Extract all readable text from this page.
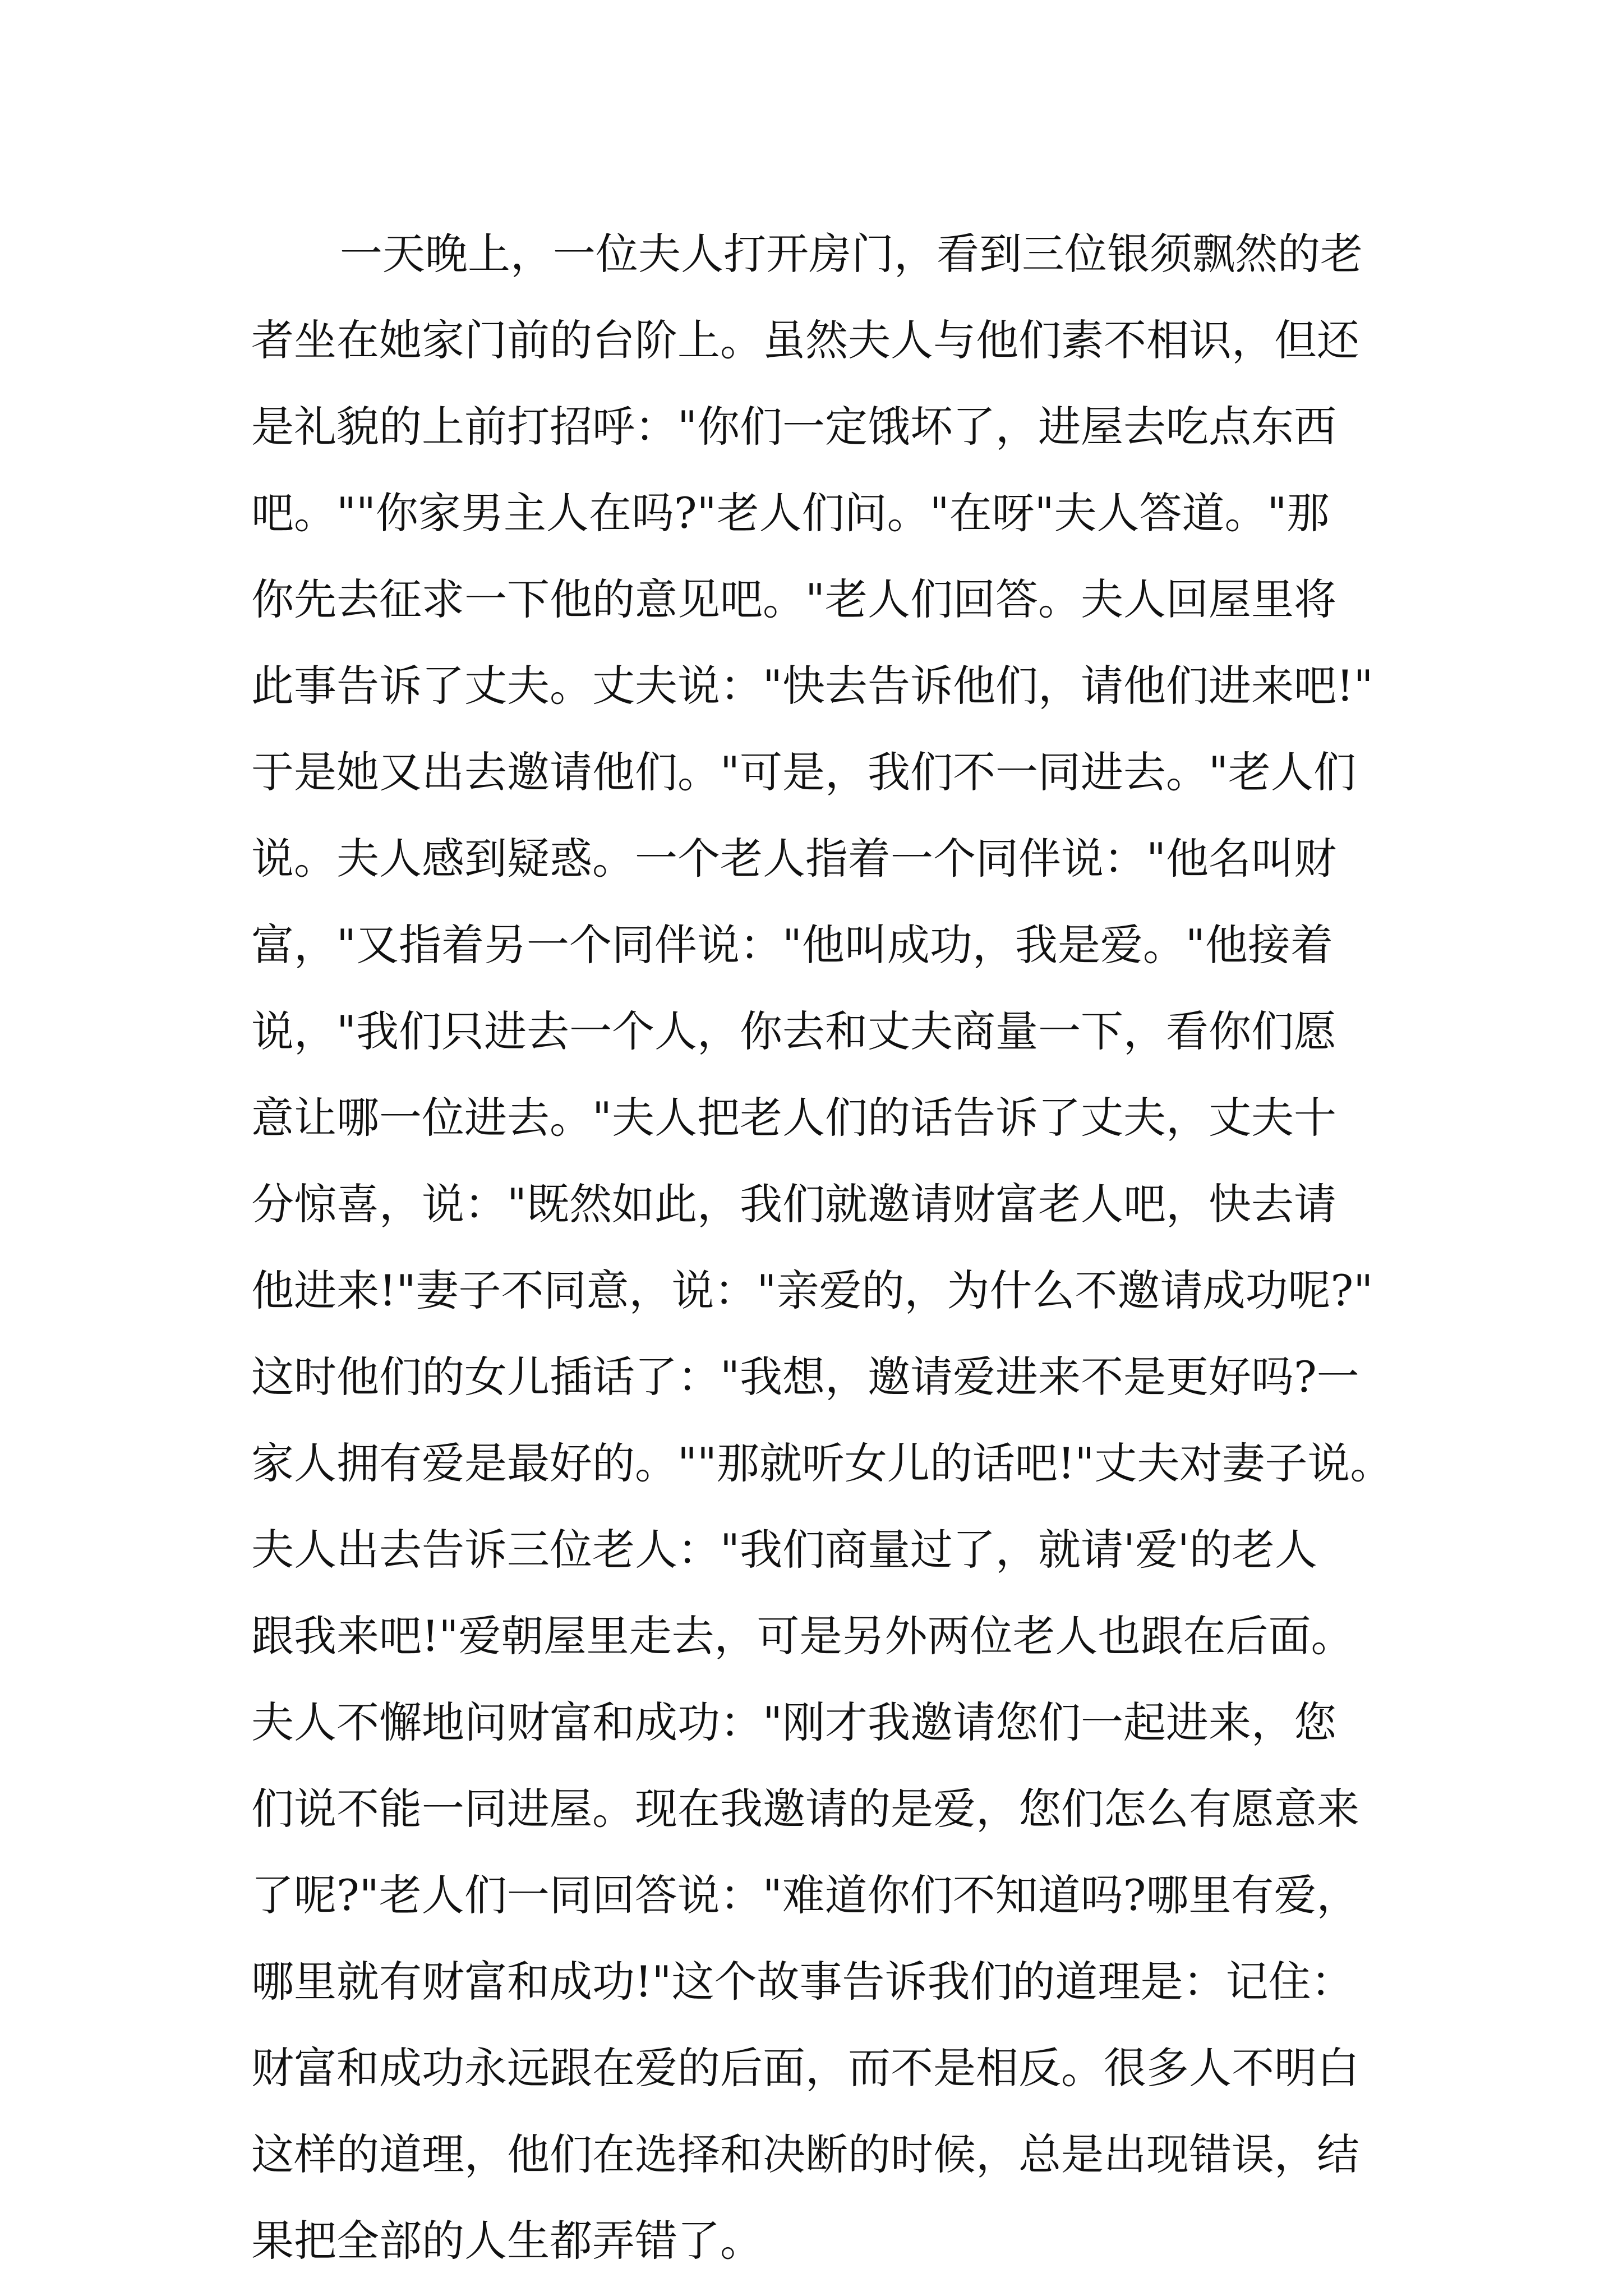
一天晚上，一位夫人打开房门，看到三位银须飘然的老
者坐在她家门前的台阶上。虽然夫人与他们素不相识，但还
是礼貌的上前打招呼："你们一定饿坏了，进屋去吃点东西
吧。""你家男主人在吗?"老人们问。"在呀"夫人答道。"那
你先去征求一下他的意见吧。"老人们回答。夫人回屋里将
此事告诉了丈夫。丈夫说："快去告诉他们，请他们进来吧!"
于是她又出去邀请他们。"可是，我们不一同进去。"老人们
说。夫人感到疑惑。一个老人指着一个同伴说："他名叫财
富，"又指着另一个同伴说："他叫成功，我是爱。"他接着
说，"我们只进去一个人，你去和丈夫商量一下，看你们愿
意让哪一位进去。"夫人把老人们的话告诉了丈夫，丈夫十
分惊喜，说："既然如此，我们就邀请财富老人吧，快去请
他进来!"妻子不同意，说："亲爱的，为什么不邀请成功呢?"
这时他们的女儿插话了："我想，邀请爱进来不是更好吗?一
家人拥有爱是最好的。""那就听女儿的话吧!"丈夫对妻子说。
夫人出去告诉三位老人："我们商量过了，就请'爱'的老人
跟我来吧!"爱朝屋里走去，可是另外两位老人也跟在后面。
夫人不懈地问财富和成功："刚才我邀请您们一起进来，您
们说不能一同进屋。现在我邀请的是爱，您们怎么有愿意来
了呢?"老人们一同回答说："难道你们不知道吗?哪里有爱，
哪里就有财富和成功!"这个故事告诉我们的道理是：记住：
财富和成功永远跟在爱的后面，而不是相反。很多人不明白
这样的道理，他们在选择和决断的时候，总是出现错误，结
果把全部的人生都弄错了。
